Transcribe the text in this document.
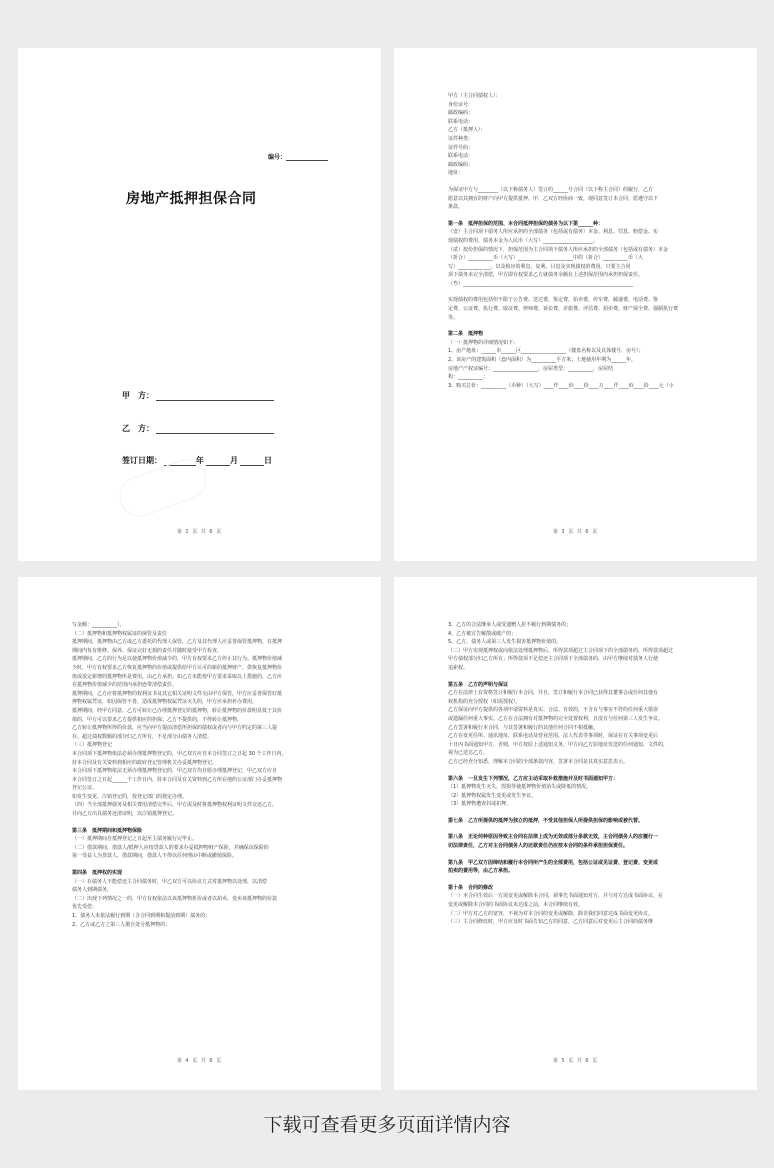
编号：
房地产抵押担保合同
甲　方：
乙　方：
签订日期：	年	月	日
第 2 页 共 6 页
甲方（主合同债权人）：
身份证号：
邮政编码：
联系电话：
乙方（抵押人）：
证件种类：
证件号码：
联系电话：
邮政编码：
地址：
为保证甲方与________（以下称债务人）签订的______号合同（以下称主合同）的履行，乙方
愿意以其拥有的财产向甲方提供抵押。甲、乙双方经协商一致，现同意签订本合同，愿遵守以下
条款。
第一条　抵押担保的范围、本合同抵押担保的债务为以下第______种：
（壹）主合同项下债务人所应承担的全部债务（包括或有债务）本金、利息、罚息、赔偿金、实
现债权的费用，债务本金为人民币（大写）____________________。
（贰）按份担保的情况下，担保范围为主合同项下债务人所应承担的全部债务（包括或有债务）本金
（折合）__________币（大写）______________________中的（折合）__________币（大
写）_____________，以及相应的利息、复利、目息及实现债权的费用。只要主合同
项下债务未完全清偿，甲方即有权要求乙方就债务余额在上述担保范围内承担担保责任。
（叁）____________________________________________________________________
实现债权的费用包括但不限于公告费、送达费、鉴定费、拍卖费、停车费、邮递费、电话费、鉴
定费、公证费、执行费、取证费、律师费、诉讼费、差旅费、评估费、拍卖费、财产保全费、强制执行费
等。
第二条　抵押物
（一）抵押物的详细情况如下：
1、房产地址：______市______区__________________（楼盘名称以及具体楼号、房号）；
2、该房产的建筑面积（套内面积）为__________平方米；土地使用年期为______年，
房地产产权证编号：__________________，房屋类型：__________，房屋结
构：__________；
3、购买总价：__________（币种）（大写）____仟____佰____拾____万____仟____佰____拾____元（小
第 3 页 共 6 页
写金额：__________）。
（二）抵押物和抵押物权属证的保管及责任
抵押期间，抵押物由乙方或乙方委托的代理人保管，乙方及其代理人应妥善保管抵押物，在抵押
期间内负有维修、保养、保证完好无损的责任并随时接受甲方检查。
抵押期间，乙方的行为足以使抵押物价值减少的，甲方有权要求乙方停止其行为。抵押物价值减
少时，甲方有权要求乙方恢复抵押物的价值或提供给甲方认可的新的抵押财产，供恢复抵押物价
值或设定新增的抵押物所是费用，由乙方承担。如乙方未能按甲方要求采取以上措施的，乙方应
在抵押物价值减少的范围内承担连带清偿责任。
抵押期间，乙方应将抵押物的权利证书及其它相关证明文件交由甲方保管，甲方应妥善保管好抵
押物权属凭证，如因保管不善，造成抵押物权属凭证灭失的，甲方应承担补办费用。
抵押期间，经甲方同意，乙方可转让已办理抵押登记的抵押物，转让抵押物的价款明显低于其价
值的，甲方可以要求乙方提供相应的担保；乙方不提供的，不得转让抵押物。
乙方转让抵押物所得的价款，应当向甲方提前清偿所担保的债权或者向与甲方约定的第三人提
存。超过债权数额的部分归乙方所有，不足部分由债务人清偿。
（三）抵押物登记
本合同项下抵押物依法必须办理抵押物登记的，甲乙双方应自本合同签订之日起 30 个工作日内，
持本合同及有关资料到相应的政府登记管理机关办妥抵押物登记。
本合同项下抵押物依法无须办理抵押物登记的，甲乙双方均自愿办理抵押登记，甲乙双方应自
本合同签订之日起______个工作日内，持本合同及有关资料到乙方所在地的公证部门办妥抵押物
登记公证。
如发生变更、注销登记的，按登记部门的规定办理。
（四）当全部抵押债务及相关费用清偿完毕后，甲方需及时将抵押物权利证明文件交还乙方，
并向乙方出具债务还清证明，以注销抵押登记。
第三条　抵押期间和抵押物保险
（一）抵押期间自抵押登记之日起至主债务履行完毕止。
（二）借款期间，借款人/抵押人应按贷款人的要求办妥抵押物财产保险，并确保该保险的
第一受益人为贷款人，借款期间，借款人不得以任何理由中断或撤销保险。
第四条　抵押权的实现
（一）在债务人不能偿还主合同债务时，甲乙双方可以协议方式对抵押物以处理，以清偿
债务人到期债务。
（二）出现下列情况之一的，甲方有权依法以该抵押物折价或者以拍卖、变卖该抵押物的价款
优先受偿：
1、债务人未依法履行到期（含合同到期和提前到期）债务的；
2、乙方或乙方之第三人擅自处分抵押物的；
第 4 页 共 6 页
3、乙方的合法继承人或受遗赠人拒不履行到期债务的；
4、乙方被宣告解散或破产的；
5、乙方、债务人或第三人发生损害抵押物价值的。
（三）甲方实现抵押权或向依法处理抵押物后，所得款项超过主合同项下的全部债务的，所得款项超过
甲方债权部分归乙方所有；所得款项不足偿还主合同项下全部债务的，由甲方继续对债务人行使
追索权。
第五条　乙方的声明与保证
乙方在法律上有资格签订和履行本合同，并且，签订和履行本合同已获得其董事会或任何其他有
权机构的充分授权（如需授权）。
乙方保证向甲方提供的各项申请资料是真实、合法、有效的，不含有与事实不符的任何重大错误
或遗漏任何重大事实。乙方在合法拥有对抵押物的完全处置权利，且没有与任何第三人发生争议。
乙方签署和履行本合同，与其签署和履行的其他任何合同不相抵触。
乙方在变更住所、通讯地址、联系电话及营业范围、法人代表等事项时，保证在有关事项变更后
十日内书面通知甲方，否则，甲方按原上述通知义务，甲方向乙方原地址发送的任何通知、文件的，
视为已送达乙方。
乙方已经充分知悉、理解本合同的全部条款内容，签署本合同是其真实意思表示。
第六条　一旦发生下列情况，乙方应主动采取补救措施并及时书面通知甲方：
（1）抵押物发生灭失，毁损等使抵押物价值消失或降低的情况。
（2）抵押物权属发生变更或发生争议。
（3）抵押物遭查封或扣押。
第七条　乙方所提供的抵押为独立的抵押，不受其他担保人所提供担保的影响或被代替。
第八条　无论何种原因导致主合同在法律上成为无效或部分条款无效，主合同债务人的应履行一
切法律责任，乙方对主合同债务人的还款责任仍应按本合同的条件承担担保责任。
第九条　甲乙双方因缔结和履行本合同所产生的全部费用，包括公证或见证费、登记费、变更或
拍卖的费用等，由乙方承担。
第十条　合同的修改
（一）本合同生效后一方需变更或解除本合同，须事先书面通知对方，并与对方达成书面协议，在
变更或解除本合同的书面协议未达成之前，本合同继续有效。
（二）甲方对乙方的宽容，不视为对本合同的变更或解除，除非我们同意达成书面变更协议。
（三）主合同修改时，甲方应及时书面告知乙方的同意，乙方同意后对变更后主合同的债务继
第 5 页 共 6 页
下载可查看更多页面详情内容
